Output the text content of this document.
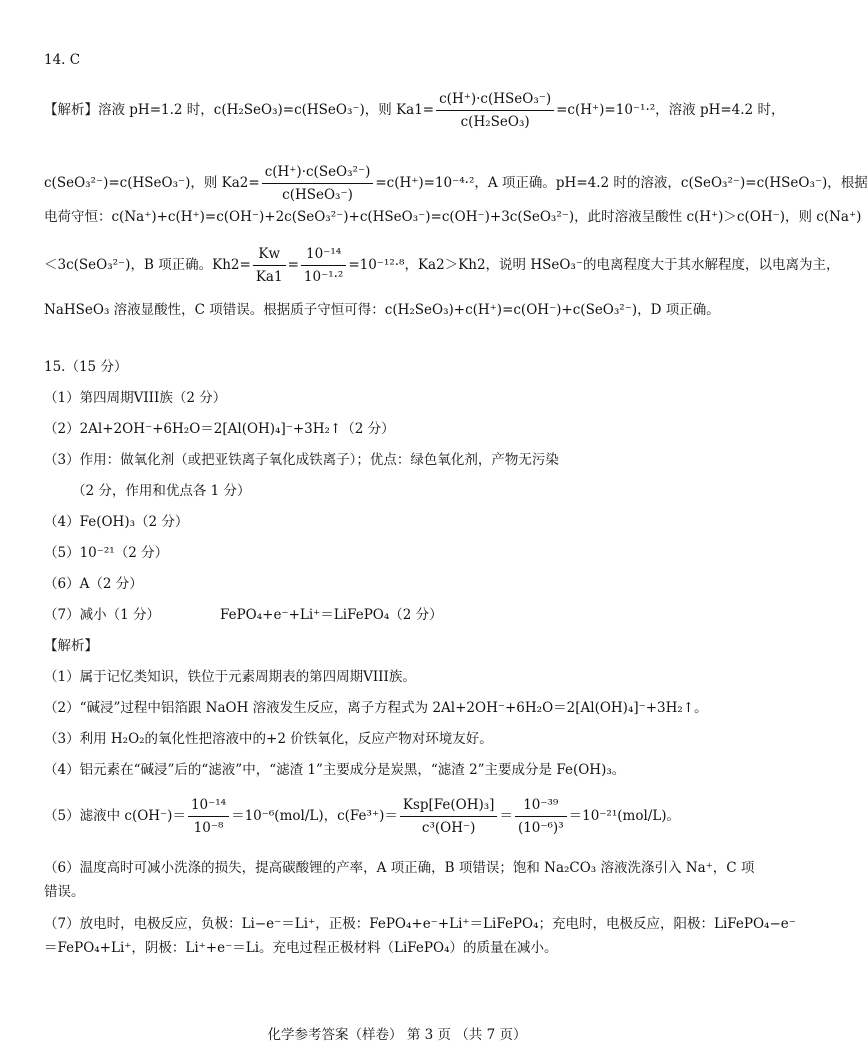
14. C
【解析】溶液 pH=1.2 时，c(H₂SeO₃)=c(HSeO₃⁻)，则 $Ka1= \frac{\text{c(H⁺)·c(HSeO₃⁻)}}{\text{c(H₂SeO₃)}} =c(H^+)=10^{-1}\cdot^2$，溶液 pH=4.2 时，
c(SeO₃²⁻)=c(HSeO₃⁻)，则 $Ka2= \frac{\text{c(H⁺)·c(SeO₃²⁻)}}{\text{c(HSeO₃⁻)}} =c(H^+)=10^{-4}\cdot^2$，A 项正确。pH=4.2 时的溶液，c(SeO₃²⁻)=c(HSeO₃⁻)，根据
电荷守恒：c(Na⁺)+c(H⁺)=c(OH⁻)+2c(SeO₃²⁻)+c(HSeO₃⁻)=c(OH⁻)+3c(SeO₃²⁻)，此时溶液呈酸性 c(H⁺)＞c(OH⁻)，则 c(Na⁺)
＜3c(SeO₃²⁻)，B 项正确。$Kh2= \frac{Kw}{Ka1} = \frac{\text{10⁻¹⁴}}{\text{10⁻¹·²}} =10^{-12}\cdot^8$，Ka2＞Kh2，说明 HSeO₃⁻的电离程度大于其水解程度，以电离为主，
NaHSeO₃ 溶液显酸性，C 项错误。根据质子守恒可得：c(H₂SeO₃)+c(H⁺)=c(OH⁻)+c(SeO₃²⁻)，D 项正确。
15.（15 分）
（1）第四周期VIII族（2 分）
（2）2Al+2OH⁻+6H₂O＝2[Al(OH)₄]⁻+3H₂↑（2 分）
（3）作用：做氧化剂（或把亚铁离子氧化成铁离子）；优点：绿色氧化剂，产物无污染
（2 分，作用和优点各 1 分）
（4）Fe(OH)₃（2 分）
（5）10⁻²¹（2 分）
（6）A（2 分）
（7）减小（1 分）	FePO₄+e⁻+Li⁺＝LiFePO₄（2 分）
【解析】
（1）属于记忆类知识，铁位于元素周期表的第四周期VIII族。
（2）“碱浸”过程中铝箔跟 NaOH 溶液发生反应，离子方程式为 2Al+2OH⁻+6H₂O＝2[Al(OH)₄]⁻+3H₂↑。
（3）利用 H₂O₂的氧化性把溶液中的+2 价铁氧化，反应产物对环境友好。
（4）铝元素在“碱浸”后的“滤液”中，“滤渣 1”主要成分是炭黑，“滤渣 2”主要成分是 Fe(OH)₃。
（5）滤液中 $c(OH^-)= \frac{\text{10⁻¹⁴}}{\text{10⁻⁸}} =10^{-6}(mol/L)$，$c(Fe^{3+})= \frac{\text{Ksp[Fe(OH)₃]}}{\text{c³(OH⁻)}} = \frac{\text{10⁻³⁹}}{\text{(10⁻⁶)³}} =10^{-21}(mol/L)$。
（6）温度高时可减小洗涤的损失，提高碳酸锂的产率，A 项正确，B 项错误；饱和 Na₂CO₃ 溶液洗涤引入 Na⁺，C 项
错误。
（7）放电时，电极反应，负极：Li−e⁻＝Li⁺，正极：FePO₄+e⁻+Li⁺＝LiFePO₄；充电时，电极反应，阳极：LiFePO₄−e⁻
＝FePO₄+Li⁺，阴极：Li⁺+e⁻＝Li。充电过程正极材料（LiFePO₄）的质量在减小。
化学参考答案（样卷） 第 3 页 （共 7 页）
